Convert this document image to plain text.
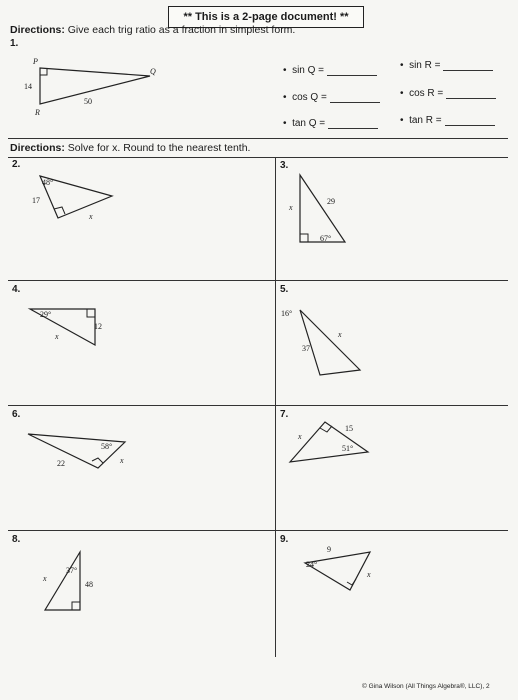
** This is a 2-page document! **
Directions: Give each trig ratio as a fraction in simplest form.
1.
P
Q
R
14
50
•  sin Q =
•  cos Q =
•  tan Q =
•  sin R =
•  cos R =
•  tan R =
Directions: Solve for x. Round to the nearest tenth.
2.	3.
4.	5.
6.	7.
8.	9.
48°
17
x
67°
29
x
29°
12
x
16°
37
x
58°
22	x
51°
15
x
37°
48
x
24°
9
x
© Gina Wilson (All Things Algebra®, LLC), 2
